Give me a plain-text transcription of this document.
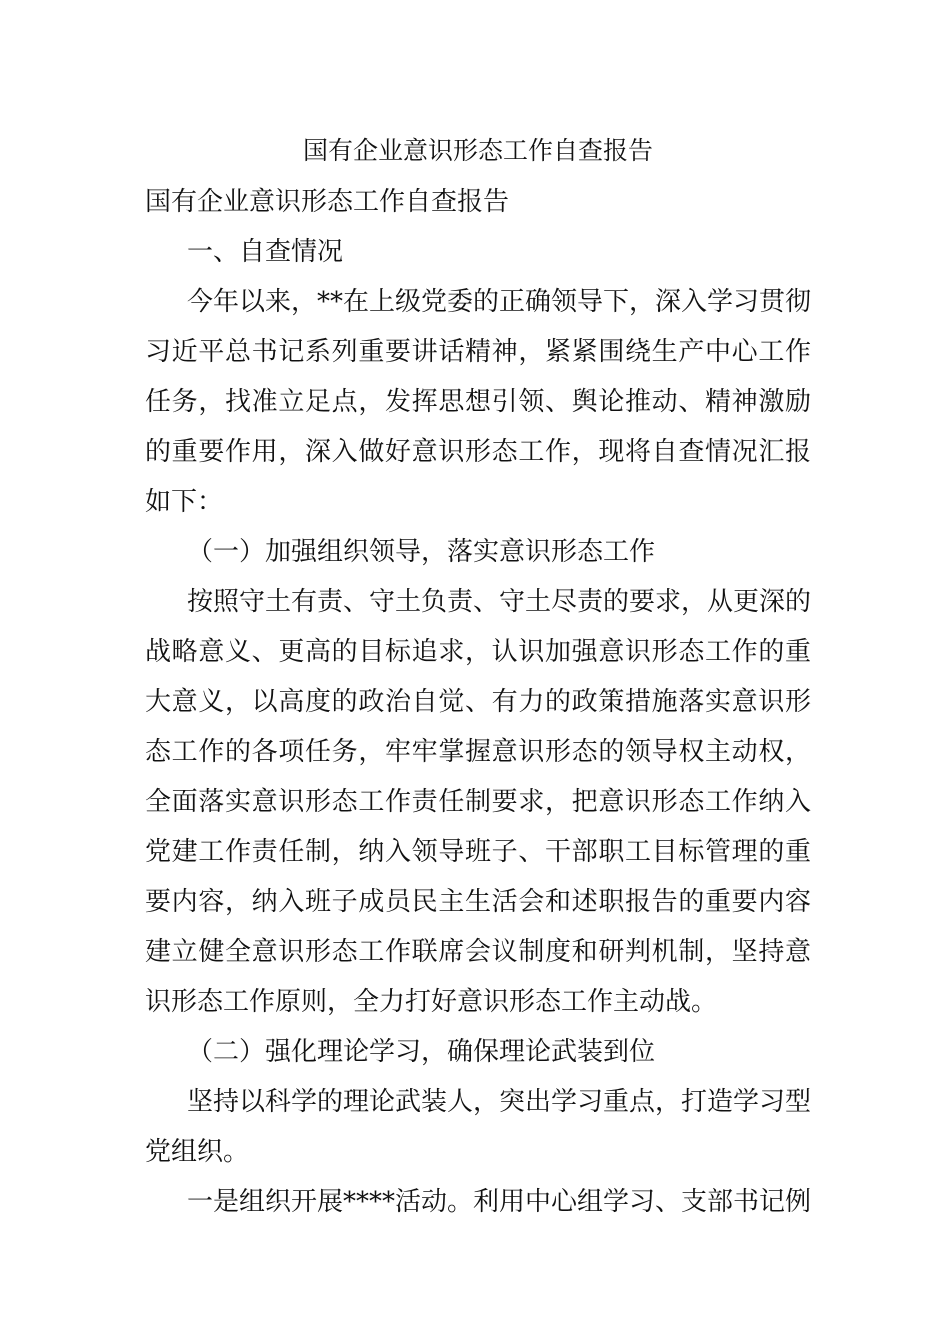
国有企业意识形态工作自查报告

国有企业意识形态工作自查报告

一、自查情况

今年以来，**在上级党委的正确领导下，深入学习贯彻习近平总书记系列重要讲话精神，紧紧围绕生产中心工作任务，找准立足点，发挥思想引领、舆论推动、精神激励的重要作用，深入做好意识形态工作，现将自查情况汇报如下：

（一）加强组织领导，落实意识形态工作

按照守土有责、守土负责、守土尽责的要求，从更深的战略意义、更高的目标追求，认识加强意识形态工作的重大意义，以高度的政治自觉、有力的政策措施落实意识形态工作的各项任务，牢牢掌握意识形态的领导权主动权，全面落实意识形态工作责任制要求，把意识形态工作纳入党建工作责任制，纳入领导班子、干部职工目标管理的重要内容，纳入班子成员民主生活会和述职报告的重要内容建立健全意识形态工作联席会议制度和研判机制，坚持意识形态工作原则，全力打好意识形态工作主动战。

（二）强化理论学习，确保理论武装到位

坚持以科学的理论武装人，突出学习重点，打造学习型党组织。

一是组织开展****活动。利用中心组学习、支部书记例
